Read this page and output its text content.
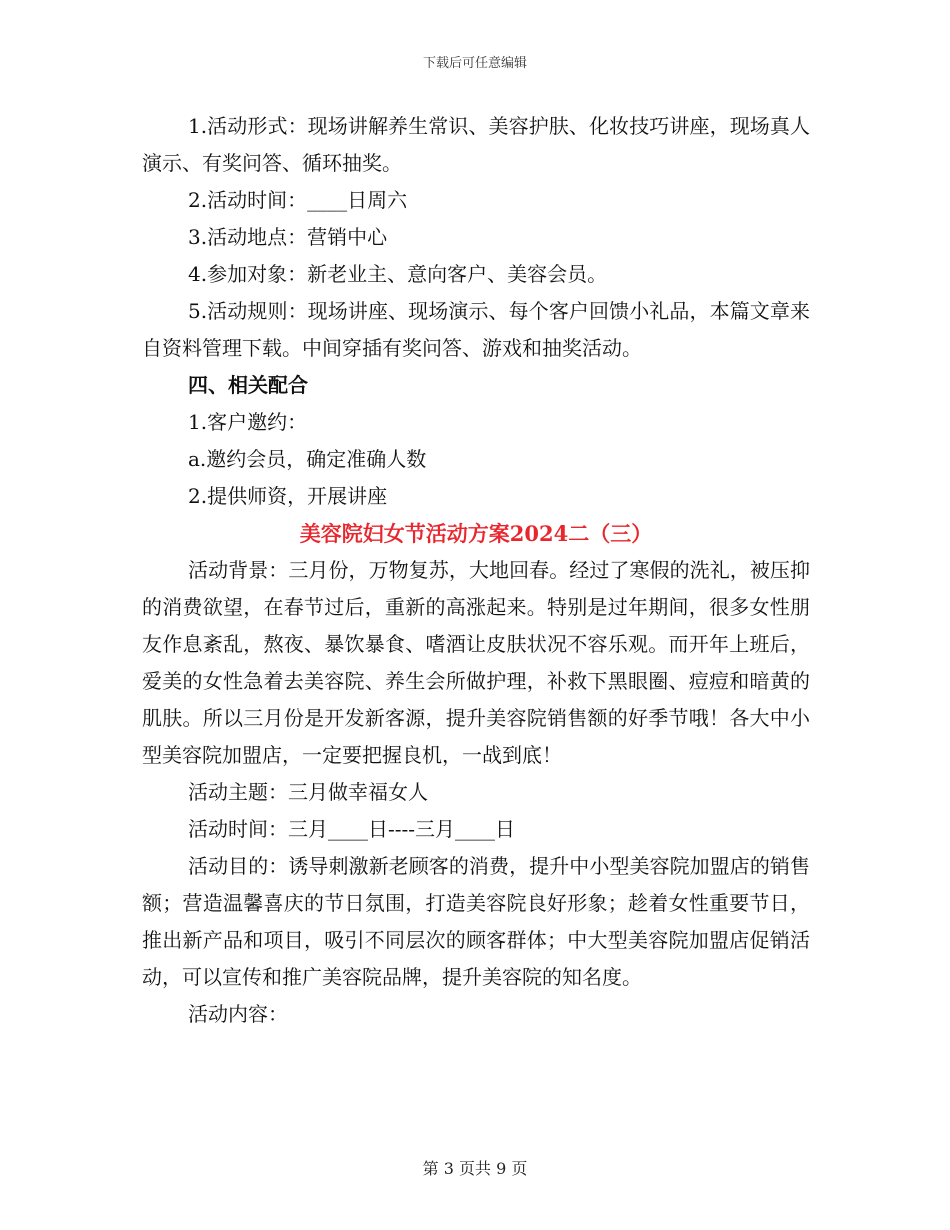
下载后可任意编辑

1.活动形式：现场讲解养生常识、美容护肤、化妆技巧讲座，现场真人演示、有奖问答、循环抽奖。

2.活动时间：____日周六

3.活动地点：营销中心

4.参加对象：新老业主、意向客户、美容会员。

5.活动规则：现场讲座、现场演示、每个客户回馈小礼品，本篇文章来自资料管理下载。中间穿插有奖问答、游戏和抽奖活动。

四、相关配合

1.客户邀约：

a.邀约会员，确定准确人数

2.提供师资，开展讲座

美容院妇女节活动方案2024二（三）

活动背景：三月份，万物复苏，大地回春。经过了寒假的洗礼，被压抑的消费欲望，在春节过后，重新的高涨起来。特别是过年期间，很多女性朋友作息紊乱，熬夜、暴饮暴食、嗜酒让皮肤状况不容乐观。而开年上班后，爱美的女性急着去美容院、养生会所做护理，补救下黑眼圈、痘痘和暗黄的肌肤。所以三月份是开发新客源，提升美容院销售额的好季节哦！各大中小型美容院加盟店，一定要把握良机，一战到底！

活动主题：三月做幸福女人

活动时间：三月____日----三月____日

活动目的：诱导刺激新老顾客的消费，提升中小型美容院加盟店的销售额；营造温馨喜庆的节日氛围，打造美容院良好形象；趁着女性重要节日，推出新产品和项目，吸引不同层次的顾客群体；中大型美容院加盟店促销活动，可以宣传和推广美容院品牌，提升美容院的知名度。

活动内容：

第 3 页共 9 页
